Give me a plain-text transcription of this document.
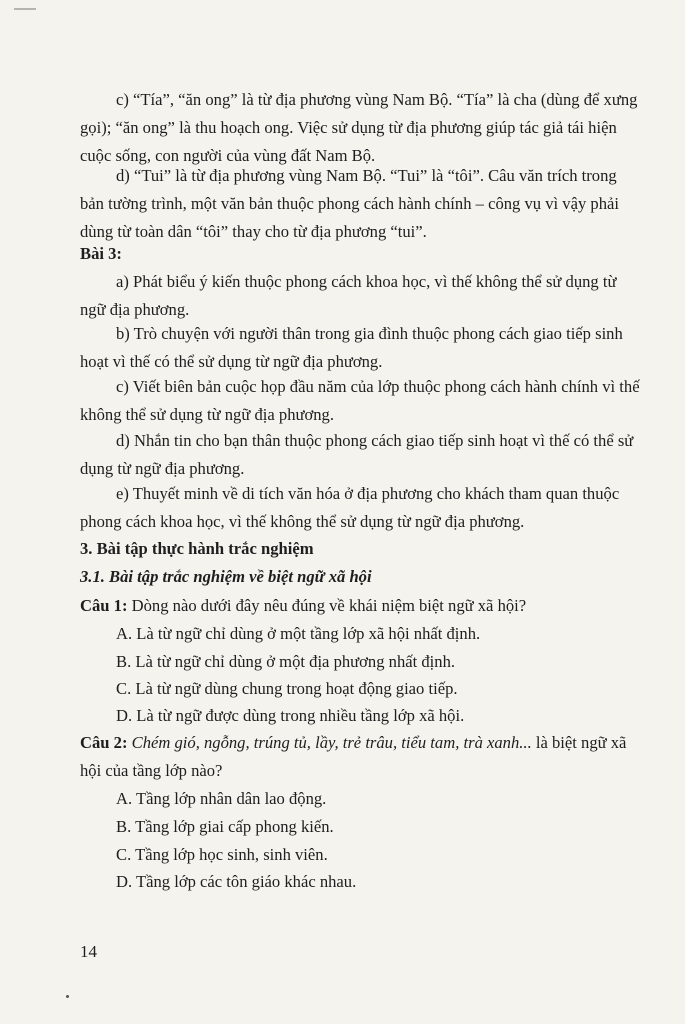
c) “Tía”, “ăn ong” là từ địa phương vùng Nam Bộ. “Tía” là cha (dùng để xưng gọi); “ăn ong” là thu hoạch ong. Việc sử dụng từ địa phương giúp tác giả tái hiện cuộc sống, con người của vùng đất Nam Bộ.

d) “Tui” là từ địa phương vùng Nam Bộ. “Tui” là “tôi”. Câu văn trích trong bản tường trình, một văn bản thuộc phong cách hành chính – công vụ vì vậy phải dùng từ toàn dân “tôi” thay cho từ địa phương “tui”.

Bài 3:

a) Phát biểu ý kiến thuộc phong cách khoa học, vì thế không thể sử dụng từ ngữ địa phương.

b) Trò chuyện với người thân trong gia đình thuộc phong cách giao tiếp sinh hoạt vì thế có thể sử dụng từ ngữ địa phương.

c) Viết biên bản cuộc họp đầu năm của lớp thuộc phong cách hành chính vì thế không thể sử dụng từ ngữ địa phương.

d) Nhắn tin cho bạn thân thuộc phong cách giao tiếp sinh hoạt vì thế có thể sử dụng từ ngữ địa phương.

e) Thuyết minh về di tích văn hóa ở địa phương cho khách tham quan thuộc phong cách khoa học, vì thế không thể sử dụng từ ngữ địa phương.

3. Bài tập thực hành trắc nghiệm

3.1. Bài tập trắc nghiệm về biệt ngữ xã hội

Câu 1: Dòng nào dưới đây nêu đúng về khái niệm biệt ngữ xã hội?

A. Là từ ngữ chỉ dùng ở một tầng lớp xã hội nhất định.

B. Là từ ngữ chỉ dùng ở một địa phương nhất định.

C. Là từ ngữ dùng chung trong hoạt động giao tiếp.

D. Là từ ngữ được dùng trong nhiều tầng lớp xã hội.

Câu 2: Chém gió, ngỗng, trúng tủ, lầy, trẻ trâu, tiểu tam, trà xanh... là biệt ngữ xã hội của tầng lớp nào?

A. Tầng lớp nhân dân lao động.

B. Tầng lớp giai cấp phong kiến.

C. Tầng lớp học sinh, sinh viên.

D. Tầng lớp các tôn giáo khác nhau.

14
